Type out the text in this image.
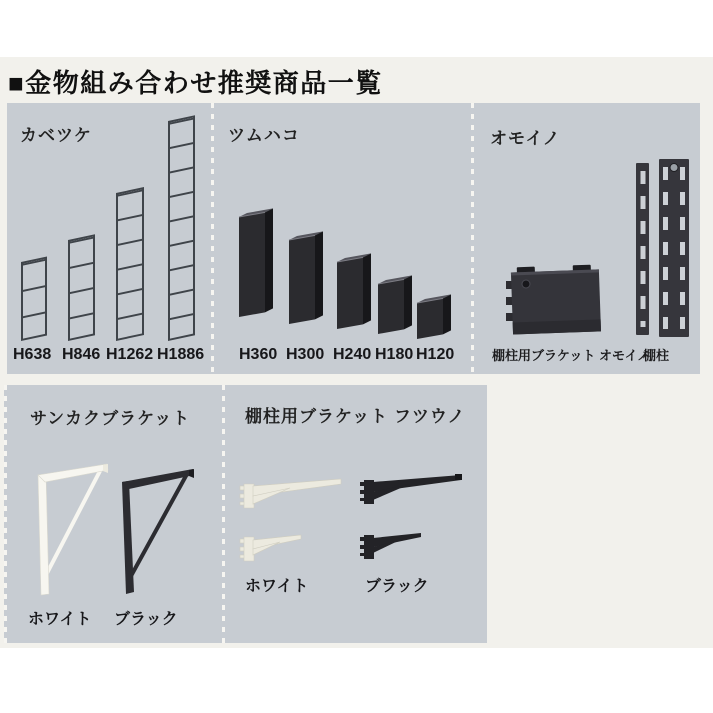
■金物組み合わせ推奨商品一覧
カベツケ
H638 H846 H1262 H1886
ツムハコ
H360 H300 H240 H180 H120
オモイノ
棚柱用ブラケット オモイノ
棚柱
サンカクブラケット
ホワイト ブラック
棚柱用ブラケット フツウノ
ホワイト	ブラック
